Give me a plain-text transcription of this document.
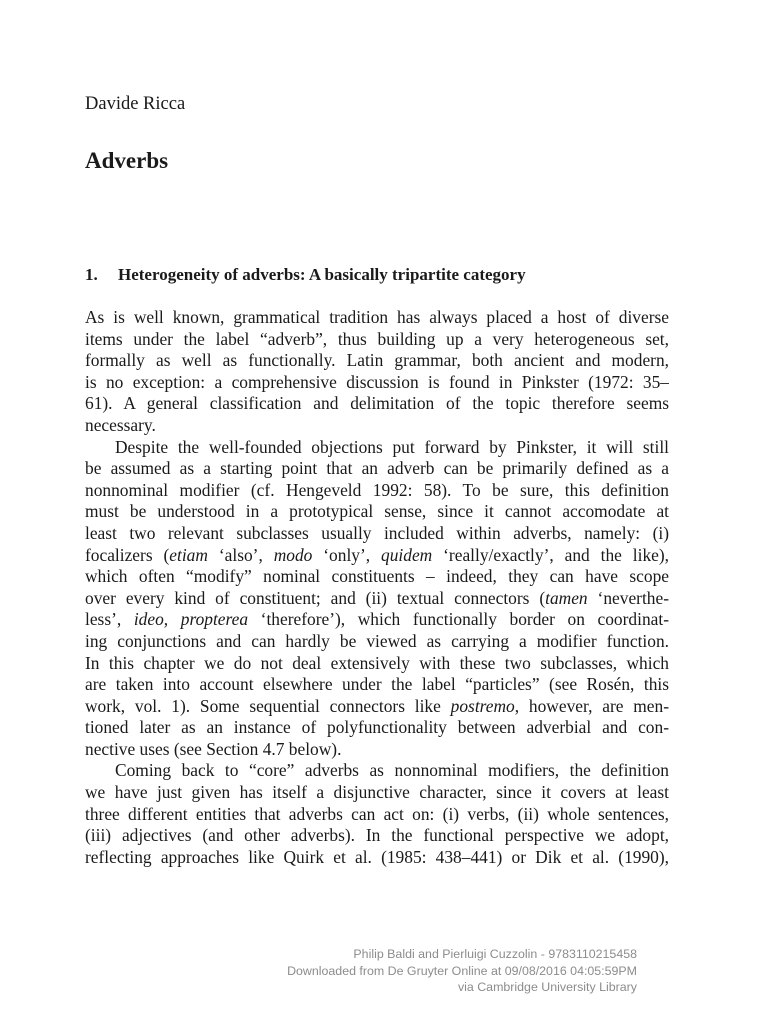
Davide Ricca
Adverbs
1. Heterogeneity of adverbs: A basically tripartite category
As is well known, grammatical tradition has always placed a host of diverse
items under the label “adverb”, thus building up a very heterogeneous set,
formally as well as functionally. Latin grammar, both ancient and modern,
is no exception: a comprehensive discussion is found in Pinkster (1972: 35–
61). A general classification and delimitation of the topic therefore seems
necessary.
Despite the well-founded objections put forward by Pinkster, it will still
be assumed as a starting point that an adverb can be primarily defined as a
nonnominal modifier (cf. Hengeveld 1992: 58). To be sure, this definition
must be understood in a prototypical sense, since it cannot accomodate at
least two relevant subclasses usually included within adverbs, namely: (i)
focalizers (etiam ‘also’, modo ‘only’, quidem ‘really/exactly’, and the like),
which often “modify” nominal constituents – indeed, they can have scope
over every kind of constituent; and (ii) textual connectors (tamen ‘neverthe-
less’, ideo, propterea ‘therefore’), which functionally border on coordinat-
ing conjunctions and can hardly be viewed as carrying a modifier function.
In this chapter we do not deal extensively with these two subclasses, which
are taken into account elsewhere under the label “particles” (see Rosén, this
work, vol. 1). Some sequential connectors like postremo, however, are men-
tioned later as an instance of polyfunctionality between adverbial and con-
nective uses (see Section 4.7 below).
Coming back to “core” adverbs as nonnominal modifiers, the definition
we have just given has itself a disjunctive character, since it covers at least
three different entities that adverbs can act on: (i) verbs, (ii) whole sentences,
(iii) adjectives (and other adverbs). In the functional perspective we adopt,
reflecting approaches like Quirk et al. (1985: 438–441) or Dik et al. (1990),
Philip Baldi and Pierluigi Cuzzolin - 9783110215458
Downloaded from De Gruyter Online at 09/08/2016 04:05:59PM
via Cambridge University Library
